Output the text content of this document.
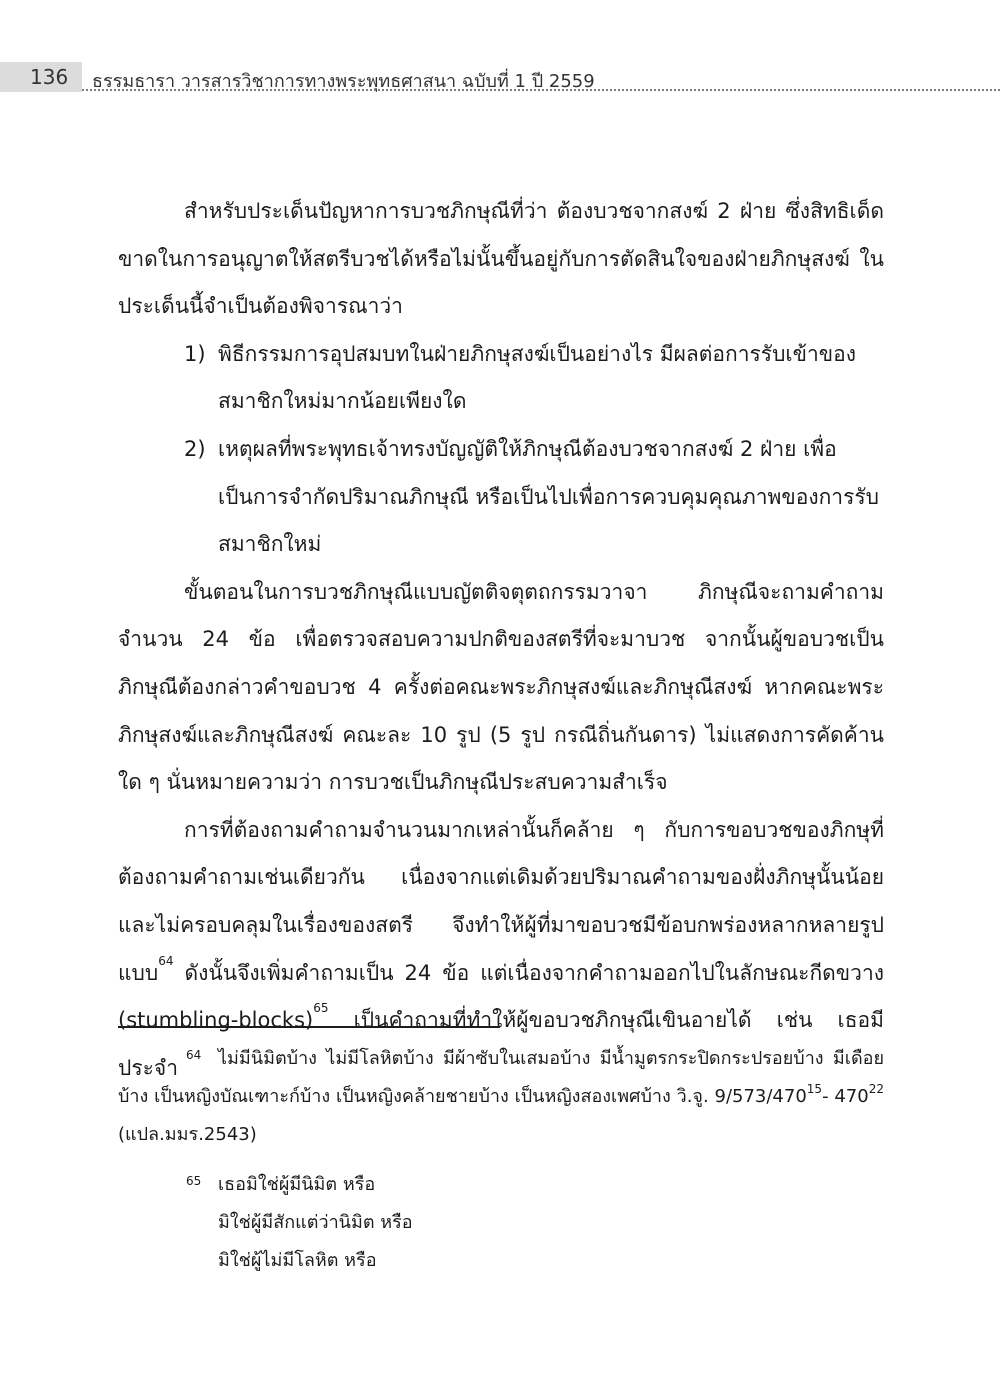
136 ธรรมธารา วารสารวิชาการทางพระพุทธศาสนา ฉบับที่ 1 ปี 2559

สำหรับประเด็นปัญหาการบวชภิกษุณีที่ว่า ต้องบวชจากสงฆ์ 2 ฝ่าย ซึ่งสิทธิเด็ดขาดในการอนุญาตให้สตรีบวชได้หรือไม่นั้นขึ้นอยู่กับการตัดสินใจของฝ่ายภิกษุสงฆ์ ในประเด็นนี้จำเป็นต้องพิจารณาว่า

1) พิธีกรรมการอุปสมบทในฝ่ายภิกษุสงฆ์เป็นอย่างไร มีผลต่อการรับเข้าของสมาชิกใหม่มากน้อยเพียงใด

2) เหตุผลที่พระพุทธเจ้าทรงบัญญัติให้ภิกษุณีต้องบวชจากสงฆ์ 2 ฝ่าย เพื่อเป็นการจำกัดปริมาณภิกษุณี หรือเป็นไปเพื่อการควบคุมคุณภาพของการรับสมาชิกใหม่

ขั้นตอนในการบวชภิกษุณีแบบญัตติจตุตถกรรมวาจา ภิกษุณีจะถามคำถามจำนวน 24 ข้อ เพื่อตรวจสอบความปกติของสตรีที่จะมาบวช จากนั้นผู้ขอบวชเป็นภิกษุณีต้องกล่าวคำขอบวช 4 ครั้งต่อคณะพระภิกษุสงฆ์และภิกษุณีสงฆ์ หากคณะพระภิกษุสงฆ์และภิกษุณีสงฆ์ คณะละ 10 รูป (5 รูป กรณีถิ่นกันดาร) ไม่แสดงการคัดค้านใด ๆ นั่นหมายความว่า การบวชเป็นภิกษุณีประสบความสำเร็จ

การที่ต้องถามคำถามจำนวนมากเหล่านั้นก็คล้าย ๆ กับการขอบวชของภิกษุที่ต้องถามคำถามเช่นเดียวกัน เนื่องจากแต่เดิมด้วยปริมาณคำถามของฝั่งภิกษุนั้นน้อยและไม่ครอบคลุมในเรื่องของสตรี จึงทำให้ผู้ที่มาขอบวชมีข้อบกพร่องหลากหลายรูปแบบ$^{64}$ ดังนั้นจึงเพิ่มคำถามเป็น 24 ข้อ แต่เนื่องจากคำถามออกไปในลักษณะกีดขวาง (stumbling-blocks)$^{65}$ เป็นคำถามที่ทำให้ผู้ขอบวชภิกษุณีเขินอายได้ เช่น เธอมีประจำ

64 ไม่มีนิมิตบ้าง ไม่มีโลหิตบ้าง มีผ้าซับในเสมอบ้าง มีน้ำมูตรกระปิดกระปรอยบ้าง มีเดือยบ้าง เป็นหญิงบัณเฑาะก์บ้าง เป็นหญิงคล้ายชายบ้าง เป็นหญิงสองเพศบ้าง วิ.จู. $9/573/470^{15}-$ $470^{22}$ (แปล.มมร.2543)

65 เธอมิใช่ผู้มีนิมิต หรือ

มิใช่ผู้มีสักแต่ว่านิมิต หรือ

มิใช่ผู้ไม่มีโลหิต หรือ
